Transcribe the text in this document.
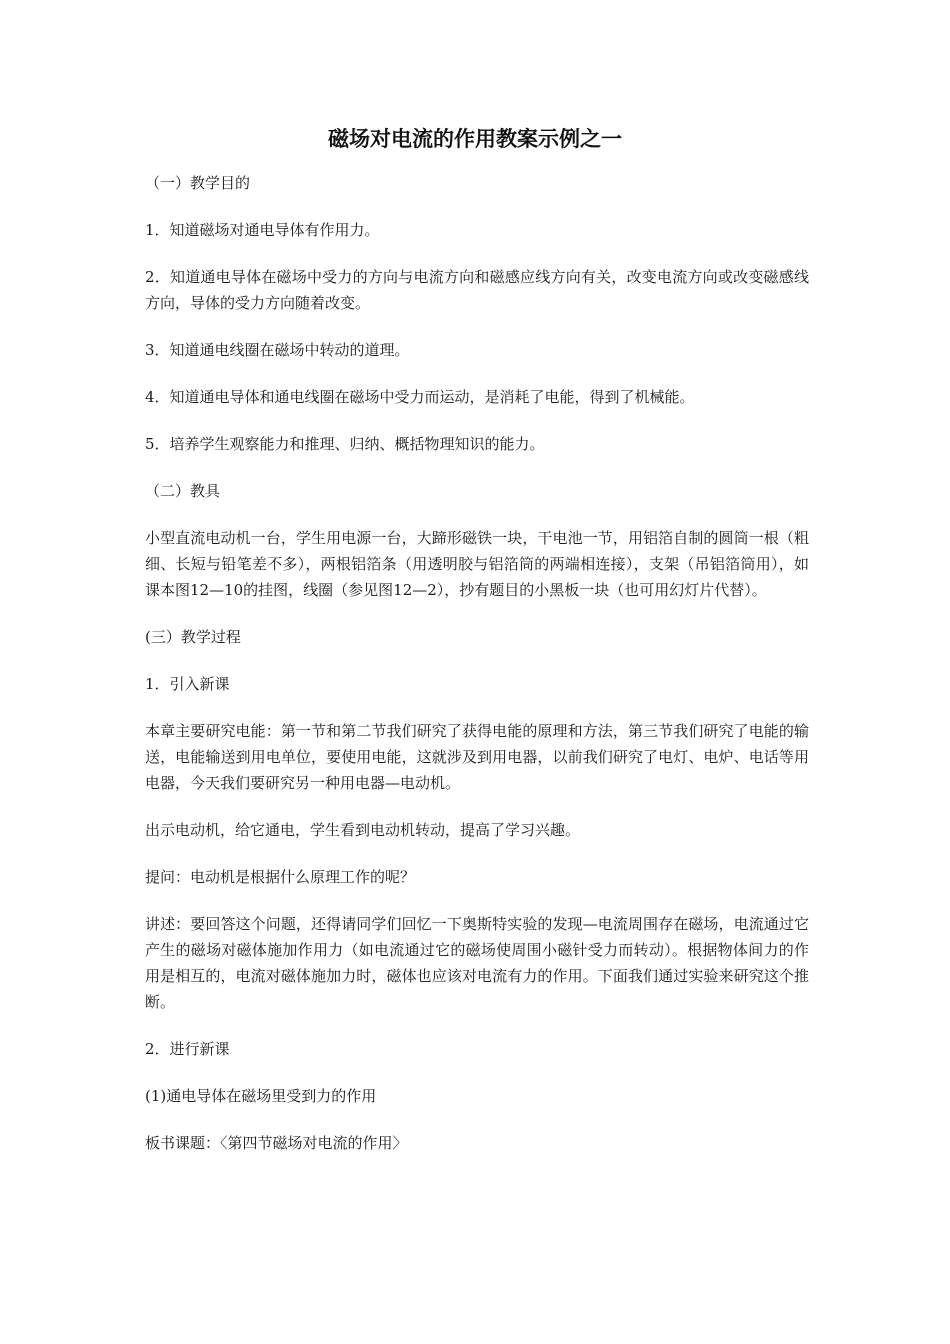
磁场对电流的作用教案示例之一

（一）教学目的

1．知道磁场对通电导体有作用力。

2．知道通电导体在磁场中受力的方向与电流方向和磁感应线方向有关，改变电流方向或改变磁感线方向，导体的受力方向随着改变。

3．知道通电线圈在磁场中转动的道理。

4．知道通电导体和通电线圈在磁场中受力而运动，是消耗了电能，得到了机械能。

5．培养学生观察能力和推理、归纳、概括物理知识的能力。

（二）教具

小型直流电动机一台，学生用电源一台，大蹄形磁铁一块，干电池一节，用铝箔自制的圆筒一根（粗细、长短与铅笔差不多），两根铝箔条（用透明胶与铝箔筒的两端相连接），支架（吊铝箔筒用），如课本图12—10的挂图，线圈（参见图12—2），抄有题目的小黑板一块（也可用幻灯片代替）。

(三）教学过程

1．引入新课

本章主要研究电能：第一节和第二节我们研究了获得电能的原理和方法，第三节我们研究了电能的输送，电能输送到用电单位，要使用电能，这就涉及到用电器，以前我们研究了电灯、电炉、电话等用电器，今天我们要研究另一种用电器—电动机。

出示电动机，给它通电，学生看到电动机转动，提高了学习兴趣。

提问：电动机是根据什么原理工作的呢？

讲述：要回答这个问题，还得请同学们回忆一下奥斯特实验的发现—电流周围存在磁场，电流通过它产生的磁场对磁体施加作用力（如电流通过它的磁场使周围小磁针受力而转动）。根据物体间力的作用是相互的，电流对磁体施加力时，磁体也应该对电流有力的作用。下面我们通过实验来研究这个推断。

2．进行新课

(1)通电导体在磁场里受到力的作用

板书课题：〈第四节磁场对电流的作用〉
